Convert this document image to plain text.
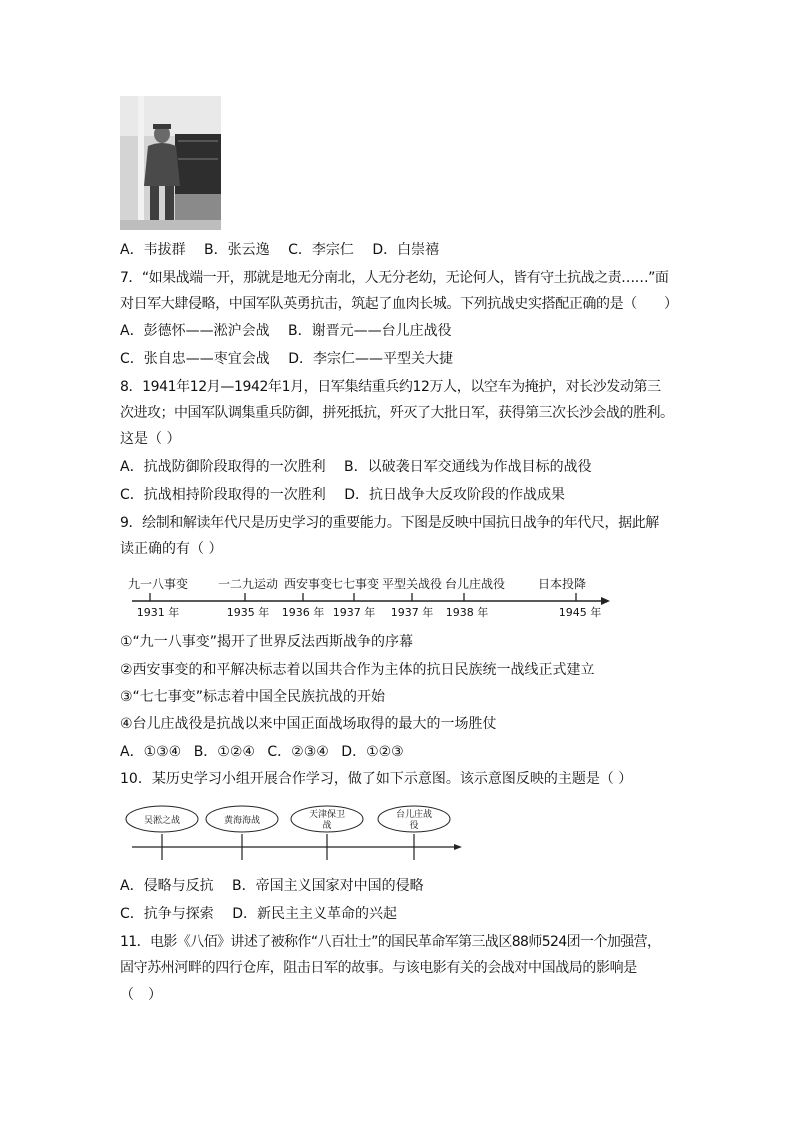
A．韦拔群 B．张云逸 C．李宗仁 D．白崇禧
7．“如果战端一开，那就是地无分南北，人无分老幼，无论何人，皆有守土抗战之责……”面
对日军大肆侵略，中国军队英勇抗击，筑起了血肉长城。下列抗战史实搭配正确的是（　　）
A．彭德怀——淞沪会战 B．谢晋元——台儿庄战役
C．张自忠——枣宜会战 D．李宗仁——平型关大捷
8．1941年12月—1942年1月，日军集结重兵约12万人，以空车为掩护，对长沙发动第三
次进攻；中国军队调集重兵防御，拼死抵抗，歼灭了大批日军，获得第三次长沙会战的胜利。
这是（ ）
A．抗战防御阶段取得的一次胜利 B．以破袭日军交通线为作战目标的战役
C．抗战相持阶段取得的一次胜利 D．抗日战争大反攻阶段的作战成果
9．绘制和解读年代尺是历史学习的重要能力。下图是反映中国抗日战争的年代尺，据此解
读正确的有（ ）
九一八事变 一二九运动 西安事变
七七事变 平型关战役 台儿庄战役	日本投降
1931 年	1935 年 1936 年 1937 年 1937 年 1938 年	1945 年
①“九一八事变”揭开了世界反法西斯战争的序幕
②西安事变的和平解决标志着以国共合作为主体的抗日民族统一战线正式建立
③“七七事变”标志着中国全民族抗战的开始
④台儿庄战役是抗战以来中国正面战场取得的最大的一场胜仗
A．①③④ B．①②④ C．②③④ D．①②③
10．某历史学习小组开展合作学习，做了如下示意图。该示意图反映的主题是（ ）
吴淞之战	黄海海战
天津保卫
战
台儿庄战
役
A．侵略与反抗 B．帝国主义国家对中国的侵略
C．抗争与探索 D．新民主主义革命的兴起
11．电影《八佰》讲述了被称作“八百壮士”的国民革命军第三战区88师524团一个加强营，
固守苏州河畔的四行仓库，阻击日军的故事。与该电影有关的会战对中国战局的影响是
（　）
